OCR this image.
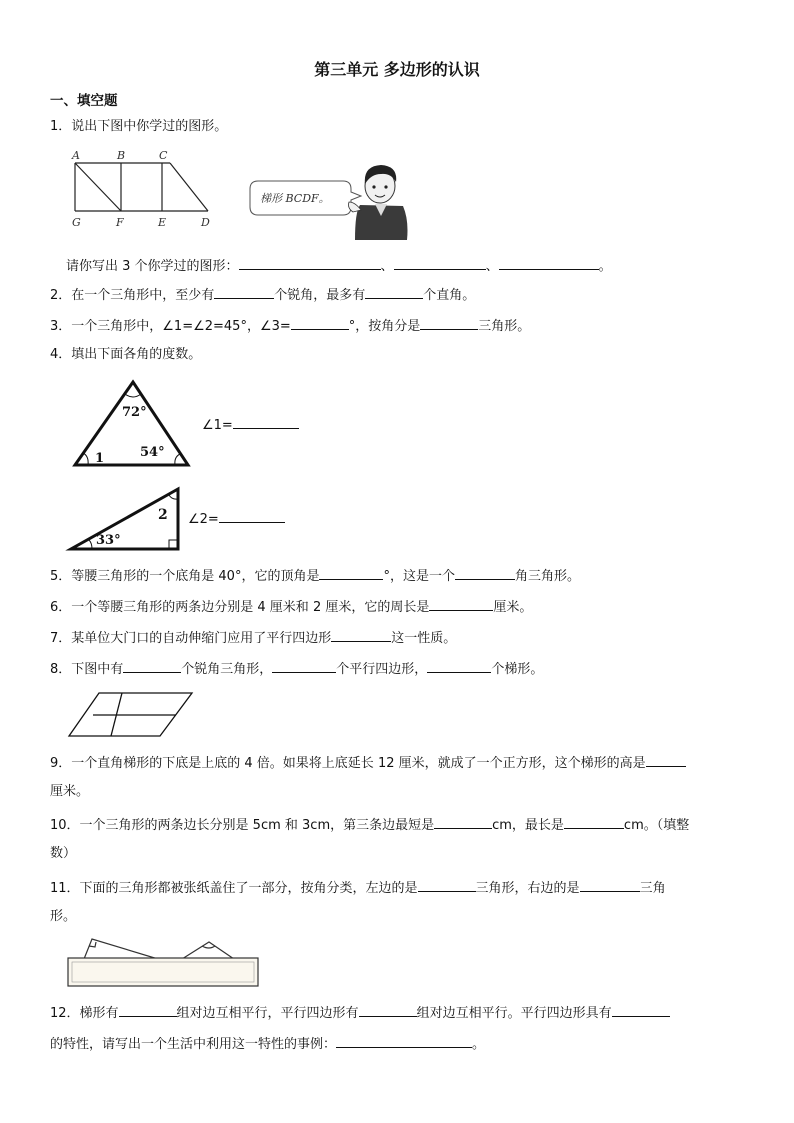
第三单元 多边形的认识
一、填空题
1．说出下图中你学过的图形。
A	B	C
G	F	E	D
梯形 BCDF。
请你写出 3 个你学过的图形：	、	、	。
2．在一个三角形中，至少有	个锐角，最多有	个直角。
3．一个三角形中，∠1=∠2=45°，∠3=	°，按角分是	三角形。
4．填出下面各角的度数。
72°
54°
1
∠1=
2
33°
∠2=
5．等腰三角形的一个底角是 40°，它的顶角是	°，这是一个	角三角形。
6．一个等腰三角形的两条边分别是 4 厘米和 2 厘米，它的周长是	厘米。
7．某单位大门口的自动伸缩门应用了平行四边形	这一性质。
8．下图中有	个锐角三角形，	个平行四边形，	个梯形。
9．一个直角梯形的下底是上底的 4 倍。如果将上底延长 12 厘米，就成了一个正方形，这个梯形的高是
厘米。
10．一个三角形的两条边长分别是 5cm 和 3cm，第三条边最短是	cm，最长是	cm。（填整
数）
11．下面的三角形都被张纸盖住了一部分，按角分类，左边的是	三角形，右边的是	三角
形。
12．梯形有	组对边互相平行，平行四边形有	组对边互相平行。平行四边形具有
的特性，请写出一个生活中利用这一特性的事例：	。
